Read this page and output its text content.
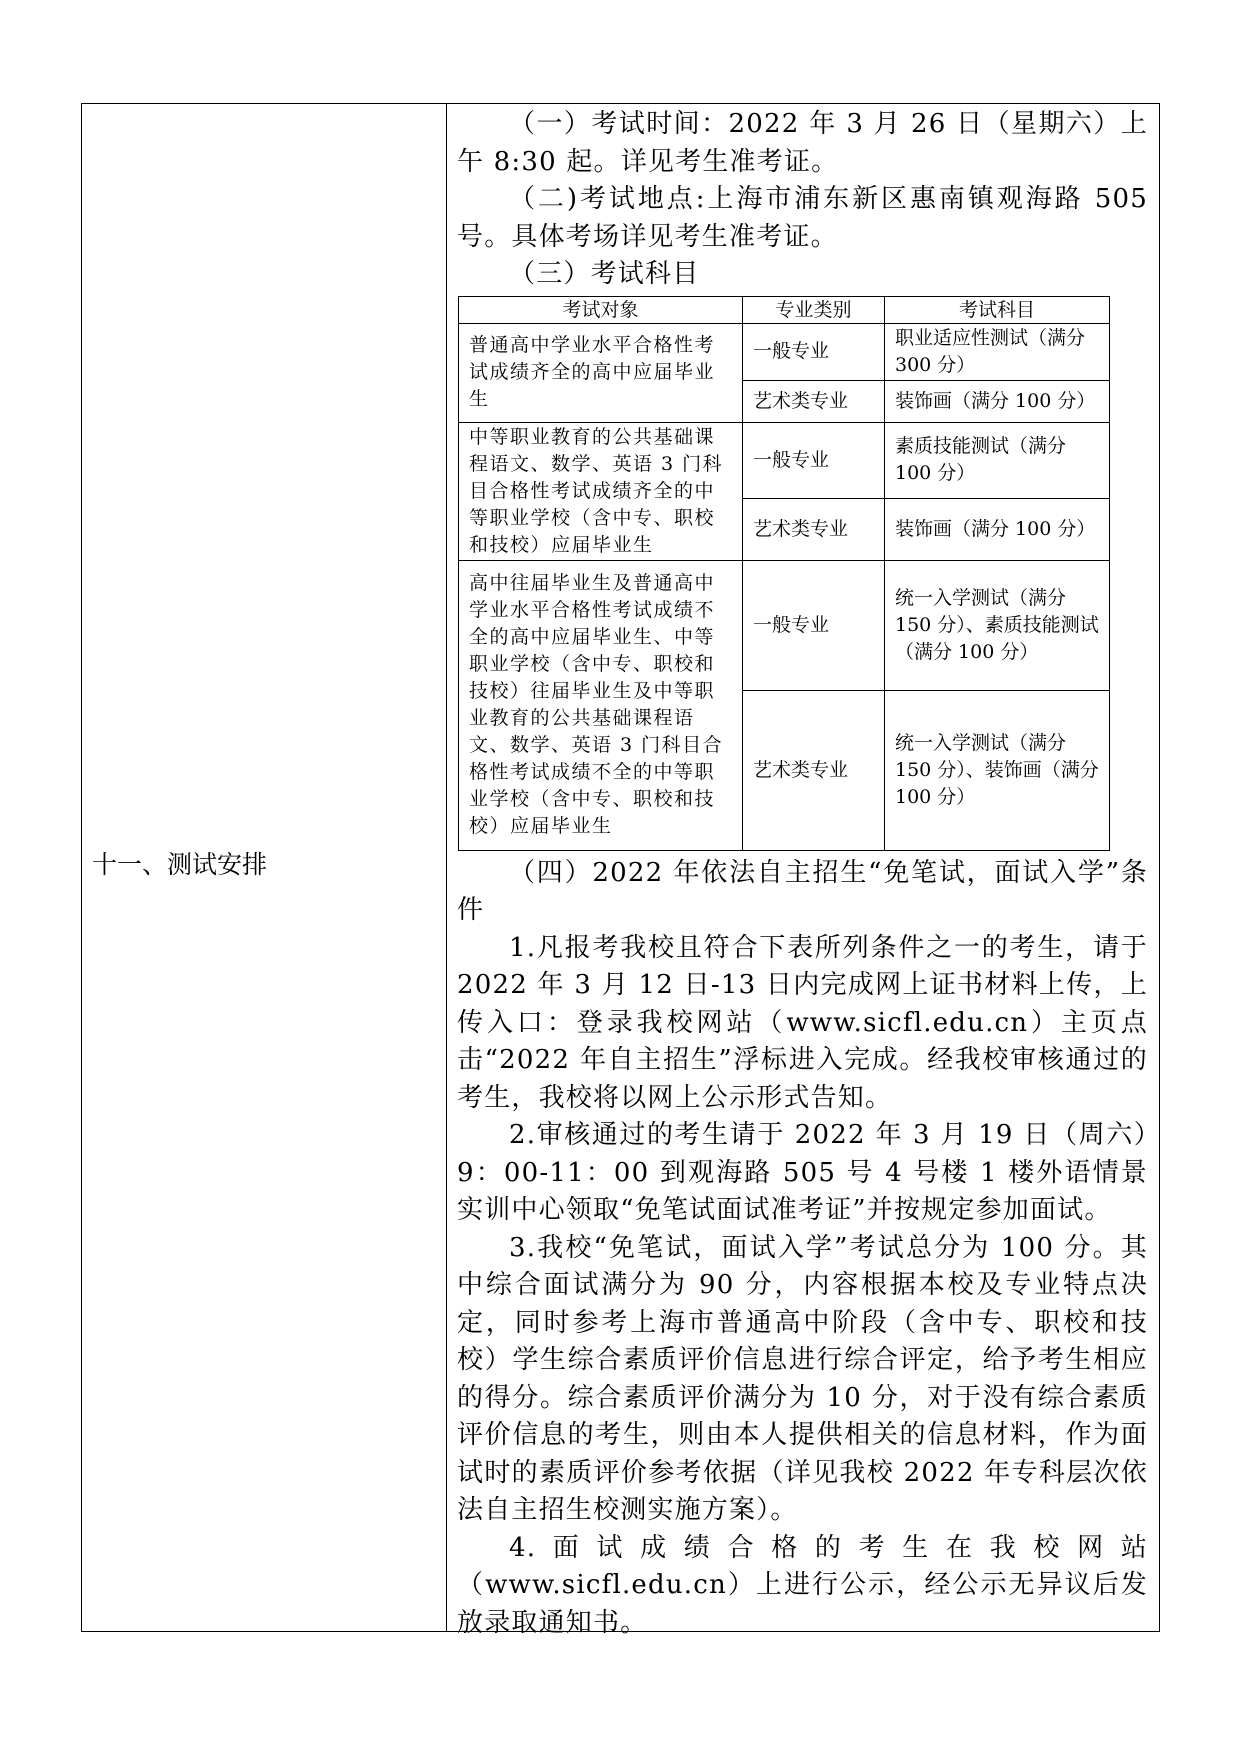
十一、测试安排

（一）考试时间：2022 年 3 月 26 日（星期六）上午 8:30 起。详见考生准考证。

（二)考试地点:上海市浦东新区惠南镇观海路 505 号。具体考场详见考生准考证。

（三）考试科目

考试对象	专业类别	考试科目
普通高中学业水平合格性考试成绩齐全的高中应届毕业生	一般专业	职业适应性测试（满分 300 分）
	艺术类专业	装饰画（满分 100 分）
中等职业教育的公共基础课程语文、数学、英语 3 门科目合格性考试成绩齐全的中等职业学校（含中专、职校和技校）应届毕业生	一般专业	素质技能测试（满分 100 分）
	艺术类专业	装饰画（满分 100 分）
高中往届毕业生及普通高中学业水平合格性考试成绩不全的高中应届毕业生、中等职业学校（含中专、职校和技校）往届毕业生及中等职业教育的公共基础课程语文、数学、英语 3 门科目合格性考试成绩不全的中等职业学校（含中专、职校和技校）应届毕业生	一般专业	统一入学测试（满分 150 分）、素质技能测试（满分 100 分）
	艺术类专业	统一入学测试（满分 150 分）、装饰画（满分 100 分）

（四）2022 年依法自主招生“免笔试，面试入学”条件

1.凡报考我校且符合下表所列条件之一的考生，请于 2022 年 3 月 12 日-13 日内完成网上证书材料上传，上传入口：登录我校网站（www.sicfl.edu.cn）主页点击“2022 年自主招生”浮标进入完成。经我校审核通过的考生，我校将以网上公示形式告知。

2.审核通过的考生请于 2022 年 3 月 19 日（周六）9：00-11：00 到观海路 505 号 4 号楼 1 楼外语情景实训中心领取“免笔试面试准考证”并按规定参加面试。

3.我校“免笔试，面试入学”考试总分为 100 分。其中综合面试满分为 90 分，内容根据本校及专业特点决定，同时参考上海市普通高中阶段（含中专、职校和技校）学生综合素质评价信息进行综合评定，给予考生相应的得分。综合素质评价满分为 10 分，对于没有综合素质评价信息的考生，则由本人提供相关的信息材料，作为面试时的素质评价参考依据（详见我校 2022 年专科层次依法自主招生校测实施方案）。

4.面试成绩合格的考生在我校网站（www.sicfl.edu.cn）上进行公示，经公示无异议后发放录取通知书。
